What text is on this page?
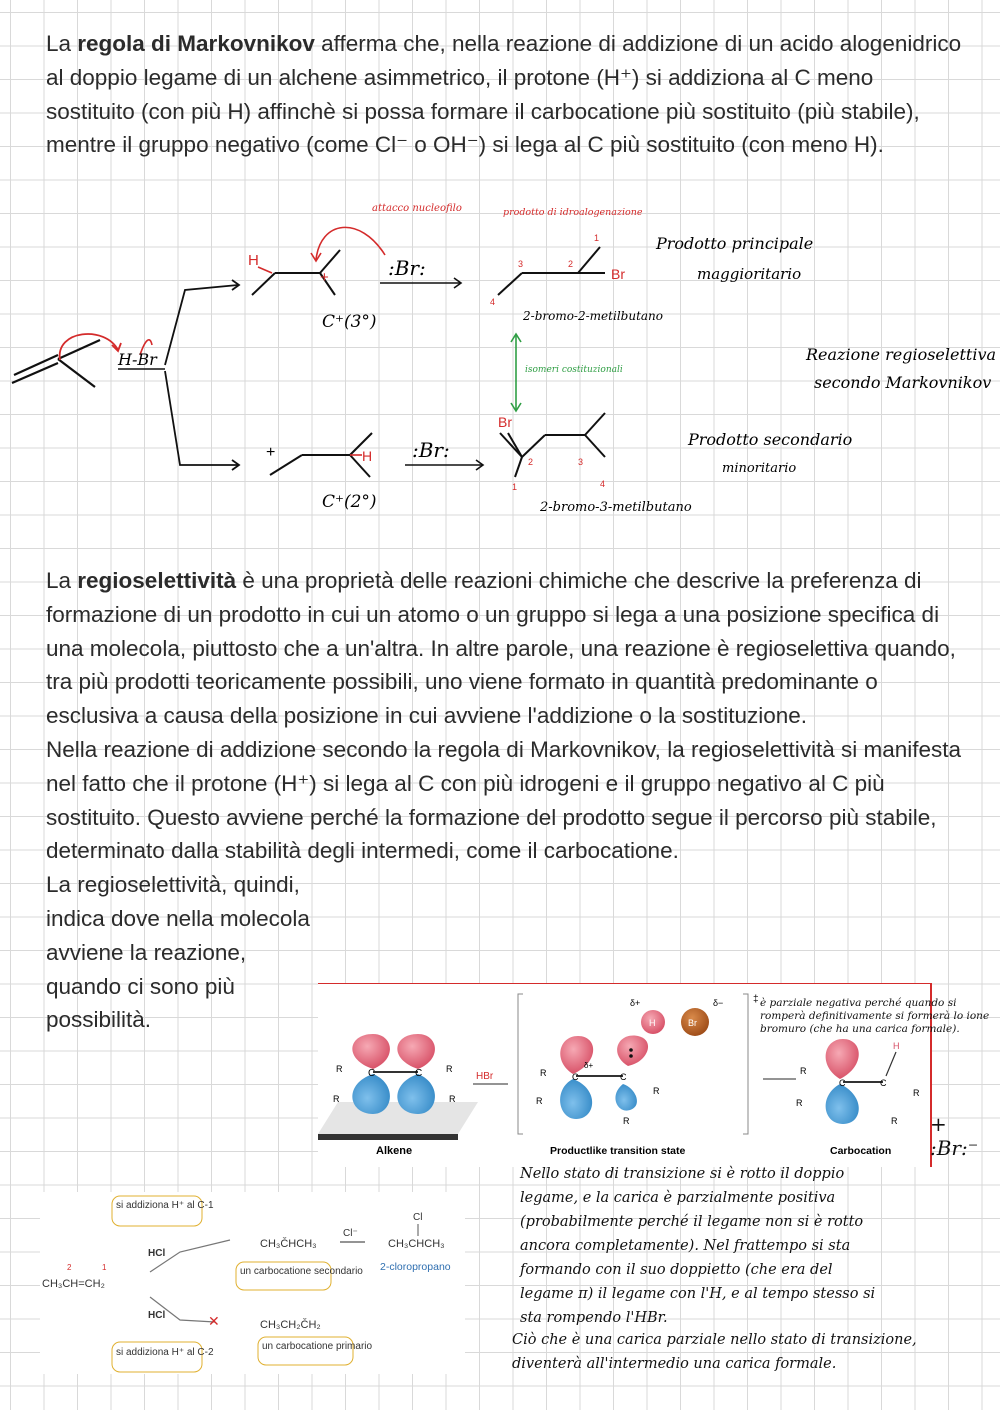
La regola di Markovnikov afferma che, nella reazione di addizione di un acido alogenidrico al doppio legame di un alchene asimmetrico, il protone (H⁺) si addiziona al C meno sostituito (con più H) affinchè si possa formare il carbocatione più sostituito (più stabile), mentre il gruppo negativo (come Cl⁻ o OH⁻) si lega al C più sostituito (con meno H).
H-Br
H
+
attacco nucleofilo
C⁺(3°)
:Br:
prodotto di idroalogenazione
Br
4
3	2
1
2-bromo-2-metilbutano
isomeri costituzionali
Prodotto principale
maggioritario
Reazione regioselettiva
secondo Markovnikov
Prodotto secondario
minoritario
H
+
C⁺(2°)
:Br:
Br
1
2	3
4
2-bromo-3-metilbutano
La regioselettività è una proprietà delle reazioni chimiche che descrive la preferenza di formazione di un prodotto in cui un atomo o un gruppo si lega a una posizione specifica di una molecola, piuttosto che a un'altra. In altre parole, una reazione è regioselettiva quando, tra più prodotti teoricamente possibili, uno viene formato in quantità predominante o esclusiva a causa della posizione in cui avviene l'addizione o la sostituzione.
Nella reazione di addizione secondo la regola di Markovnikov, la regioselettività si manifesta nel fatto che il protone (H⁺) si lega al C con più idrogeni e il gruppo negativo al C più sostituito. Questo avviene perché la formazione del prodotto segue il percorso più stabile, determinato dalla stabilità degli intermedi, come il carbocatione.
La regioselettività, quindi, indica dove nella molecola avviene la reazione, quando ci sono più possibilità.
C	C
R
R
R
R
Alkene
HBr
H	Br
δ+	δ−	‡
C	C
δ+
R
R
R
R
Productlike transition state
H
C	C
R
R
R
R
Carbocation
è parziale negativa perché quando si romperà definitivamente si formerà lo ione bromuro (che ha una carica formale).
+ :Br:⁻
si addiziona H⁺ al C-1
HCl
CH₃CH=CH₂
2	1
CH₃ČHCH₃
un carbocatione secondario
Cl⁻
Cl
CH₃CHCH₃
2-cloropropano
HCl	✕	CH₃CH₂ČH₂
un carbocatione primario
si addiziona H⁺ al C-2
Nello stato di transizione si è rotto il doppio legame, e la carica è parzialmente positiva (probabilmente perché il legame non si è rotto ancora completamente). Nel frattempo si sta formando con il suo doppietto (che era del legame π) il legame con l'H, e al tempo stesso si sta rompendo l'HBr.
Ciò che è una carica parziale nello stato di transizione, diventerà all'intermedio una carica formale.
